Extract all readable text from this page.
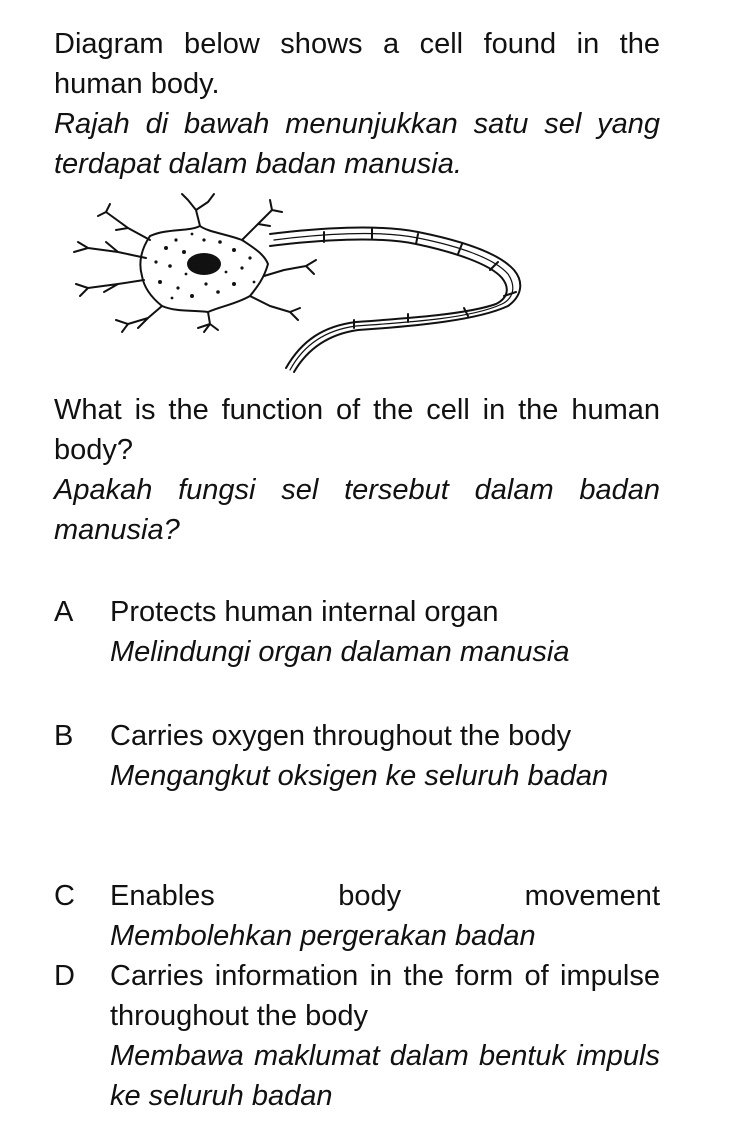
Diagram below shows a cell found in the human body.

Rajah di bawah menunjukkan satu sel yang terdapat dalam badan manusia.

What is the function of the cell in the human body?

Apakah fungsi sel tersebut dalam badan manusia?

A Protects human internal organ

Melindungi organ dalaman manusia

B Carries oxygen throughout the body

Mengangkut oksigen ke seluruh badan

C Enables body movement

Membolehkan pergerakan badan

D Carries information in the form of impulse throughout the body

Membawa maklumat dalam bentuk impuls ke seluruh badan
